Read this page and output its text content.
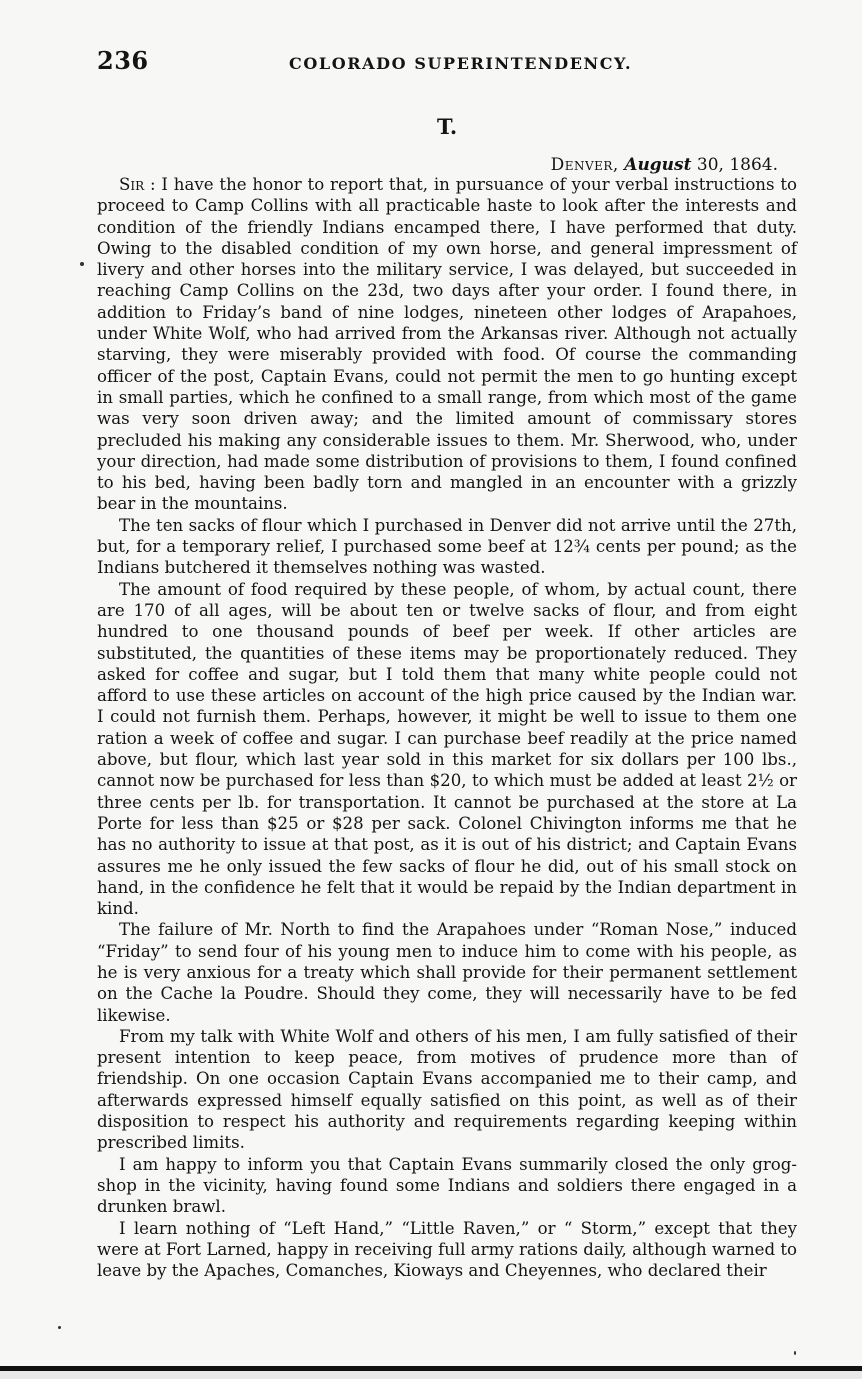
236	COLORADO SUPERINTENDENCY.
T.
Denver, August 30, 1864.

Sir : I have the honor to report that, in pursuance of your verbal instructions to proceed to Camp Collins with all practicable haste to look after the interests and condition of the friendly Indians encamped there, I have performed that duty. Owing to the disabled condition of my own horse, and general impressment of livery and other horses into the military service, I was delayed, but succeeded in reaching Camp Collins on the 23d, two days after your order. I found there, in addition to Friday’s band of nine lodges, nineteen other lodges of Arapahoes, under White Wolf, who had arrived from the Arkansas river. Although not actually starving, they were miserably provided with food. Of course the commanding officer of the post, Captain Evans, could not permit the men to go hunting except in small parties, which he confined to a small range, from which most of the game was very soon driven away; and the limited amount of commissary stores precluded his making any considerable issues to them. Mr. Sherwood, who, under your direction, had made some distribution of provisions to them, I found confined to his bed, having been badly torn and mangled in an encounter with a grizzly bear in the mountains.

The ten sacks of flour which I purchased in Denver did not arrive until the 27th, but, for a temporary relief, I purchased some beef at 12¾ cents per pound; as the Indians butchered it themselves nothing was wasted.

The amount of food required by these people, of whom, by actual count, there are 170 of all ages, will be about ten or twelve sacks of flour, and from eight hundred to one thousand pounds of beef per week. If other articles are substituted, the quantities of these items may be proportionately reduced. They asked for coffee and sugar, but I told them that many white people could not afford to use these articles on account of the high price caused by the Indian war. I could not furnish them. Perhaps, however, it might be well to issue to them one ration a week of coffee and sugar. I can purchase beef readily at the price named above, but flour, which last year sold in this market for six dollars per 100 lbs., cannot now be purchased for less than $20, to which must be added at least 2½ or three cents per lb. for transportation. It cannot be purchased at the store at La Porte for less than $25 or $28 per sack. Colonel Chivington informs me that he has no authority to issue at that post, as it is out of his district; and Captain Evans assures me he only issued the few sacks of flour he did, out of his small stock on hand, in the confidence he felt that it would be repaid by the Indian department in kind.

The failure of Mr. North to find the Arapahoes under “Roman Nose,” induced “Friday” to send four of his young men to induce him to come with his people, as he is very anxious for a treaty which shall provide for their permanent settlement on the Cache la Poudre. Should they come, they will necessarily have to be fed likewise.

From my talk with White Wolf and others of his men, I am fully satisfied of their present intention to keep peace, from motives of prudence more than of friendship. On one occasion Captain Evans accompanied me to their camp, and afterwards expressed himself equally satisfied on this point, as well as of their disposition to respect his authority and requirements regarding keeping within prescribed limits.

I am happy to inform you that Captain Evans summarily closed the only grog-shop in the vicinity, having found some Indians and soldiers there engaged in a drunken brawl.

I learn nothing of “Left Hand,” “Little Raven,” or “ Storm,” except that they were at Fort Larned, happy in receiving full army rations daily, although warned to leave by the Apaches, Comanches, Kioways and Cheyennes, who declared their
